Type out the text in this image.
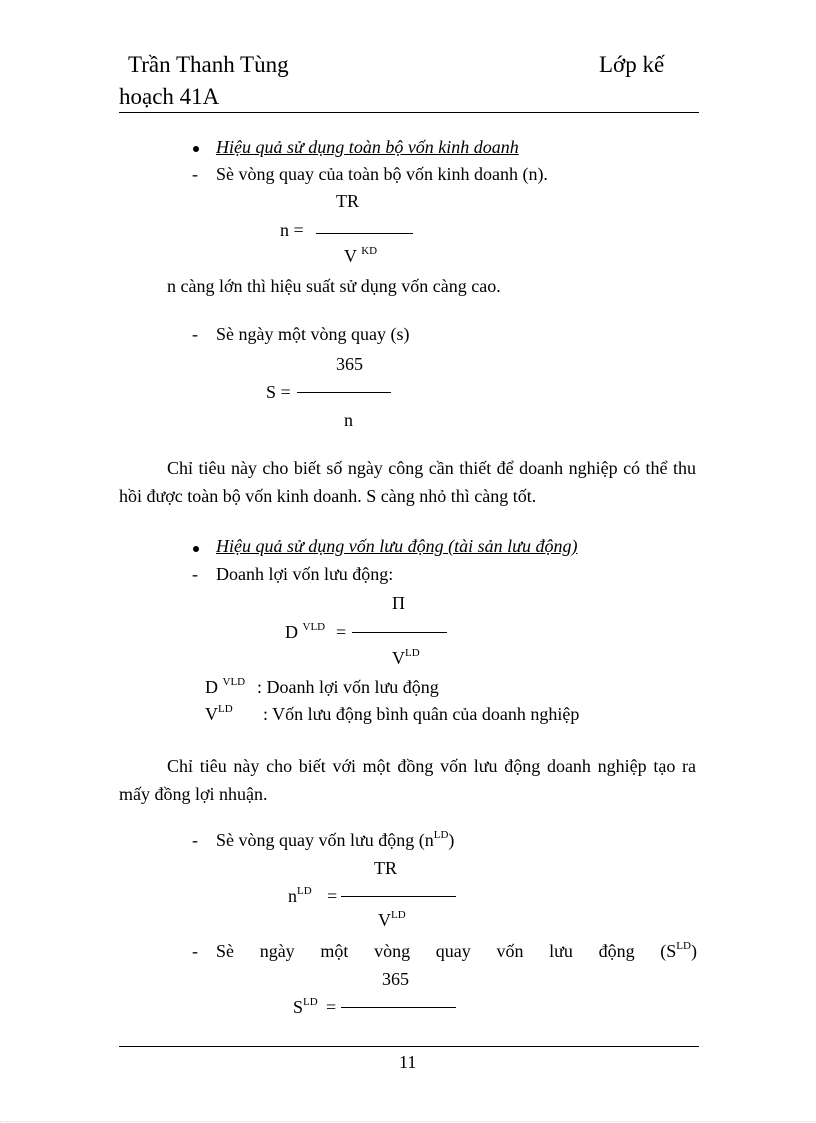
Trần Thanh Tùng	Lớp kế
hoạch 41A
Hiệu quả sử dụng toàn bộ vốn kinh doanh
- Sè vòng quay của toàn bộ vốn kinh doanh (n).
TR
n =
V $^{KD}$
n càng lớn thì hiệu suất sử dụng vốn càng cao.
- Sè ngày một vòng quay (s)
365
S =
n
Chỉ tiêu này cho biết số ngày công cần thiết để doanh nghiệp có thể thu hồi được toàn bộ vốn kinh doanh. S càng nhỏ thì càng tốt.
Hiệu quả sử dụng vốn lưu động (tài sản lưu động)
- Doanh lợi vốn lưu động:
Π
D $^{VLD}$ =
$V^{LD}$
D $^{VLD}$ : Doanh lợi vốn lưu động
$V^{LD}$ : Vốn lưu động bình quân của doanh nghiệp
Chỉ tiêu này cho biết với một đồng vốn lưu động doanh nghiệp tạo ra mấy đồng lợi nhuận.
- Sè vòng quay vốn lưu động $(n^{LD})$
TR
$n^{LD}$ =
$V^{LD}$
- Sè ngày một vòng quay vốn lưu động $(S^{LD})$
365
$S^{LD}$ =
11
